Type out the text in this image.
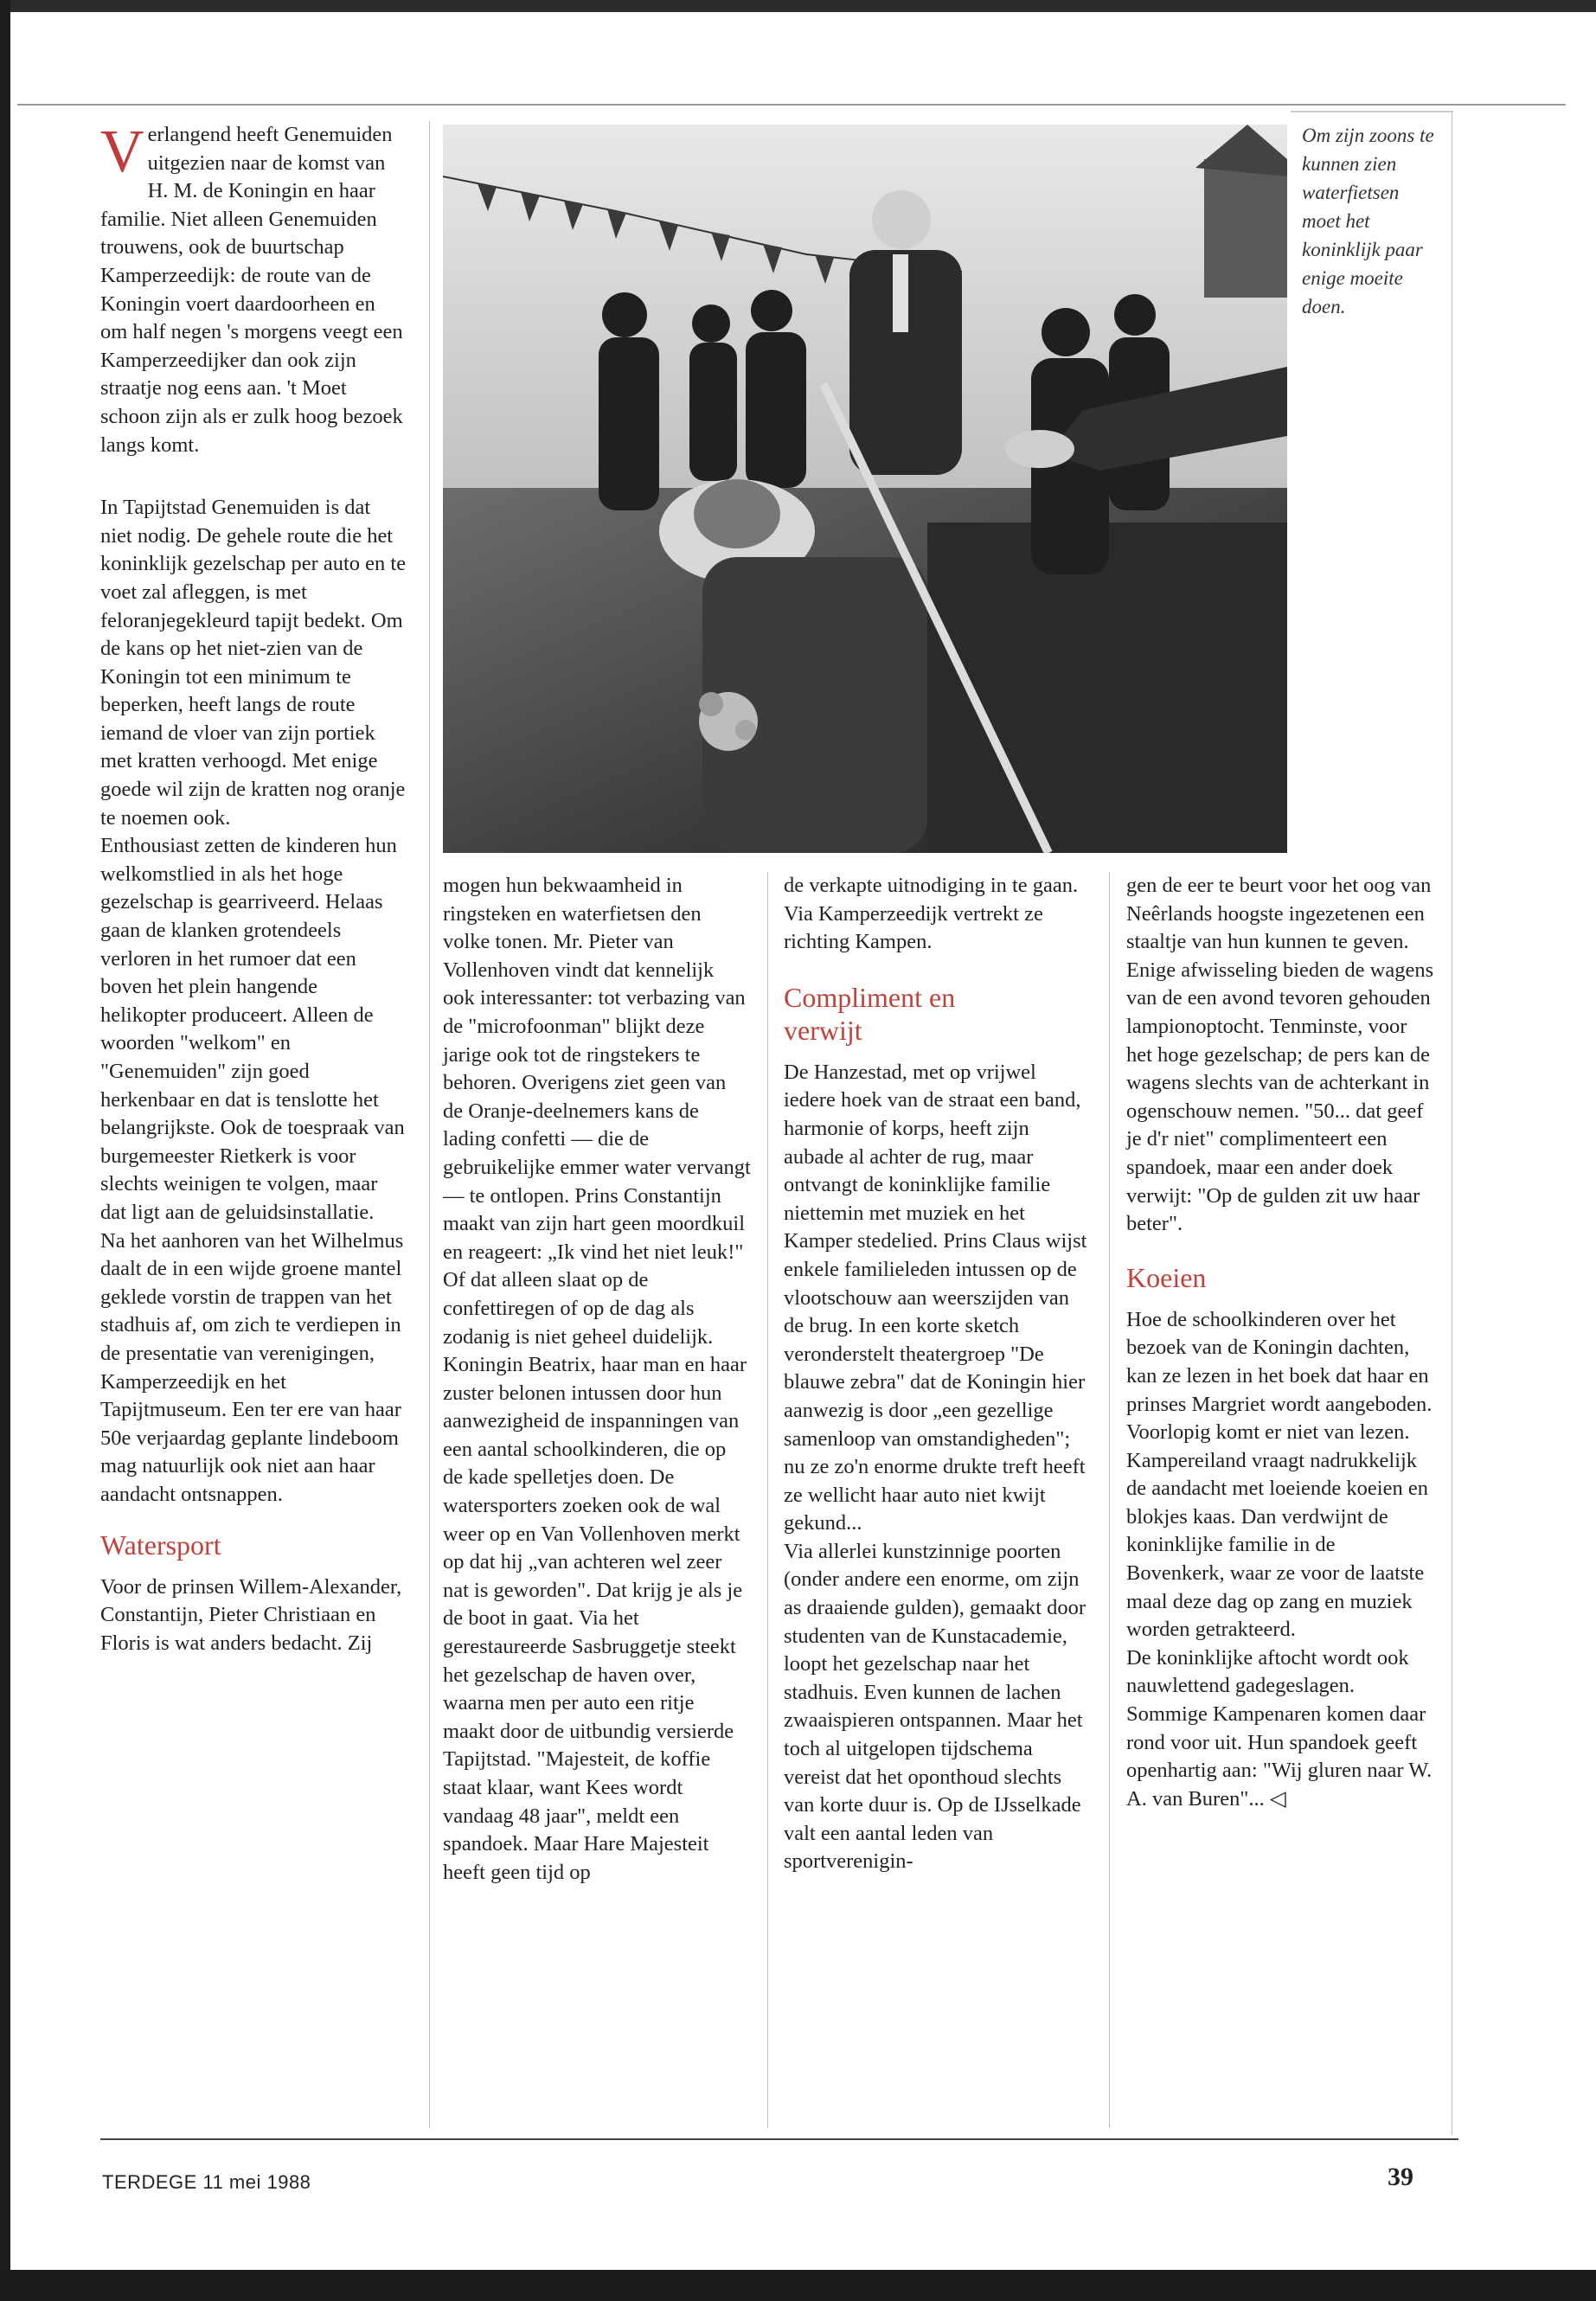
Verlangend heeft Genemuiden uitgezien naar de komst van H. M. de Koningin en haar familie. Niet alleen Genemuiden trouwens, ook de buurtschap Kamperzeedijk: de route van de Koningin voert daardoorheen en om half negen 's morgens veegt een Kamperzeedijker dan ook zijn straatje nog eens aan. 't Moet schoon zijn als er zulk hoog bezoek langs komt.

In Tapijtstad Genemuiden is dat niet nodig. De gehele route die het koninklijk gezelschap per auto en te voet zal afleggen, is met feloranjegekleurd tapijt bedekt. Om de kans op het niet-zien van de Koningin tot een minimum te beperken, heeft langs de route iemand de vloer van zijn portiek met kratten verhoogd. Met enige goede wil zijn de kratten nog oranje te noemen ook.

Enthousiast zetten de kinderen hun welkomstlied in als het hoge gezelschap is gearriveerd. Helaas gaan de klanken grotendeels verloren in het rumoer dat een boven het plein hangende helikopter produceert. Alleen de woorden "welkom" en "Genemuiden" zijn goed herkenbaar en dat is tenslotte het belangrijkste. Ook de toespraak van burgemeester Rietkerk is voor slechts weinigen te volgen, maar dat ligt aan de geluidsinstallatie.

Na het aanhoren van het Wilhelmus daalt de in een wijde groene mantel geklede vorstin de trappen van het stadhuis af, om zich te verdiepen in de presentatie van verenigingen, Kamperzeedijk en het Tapijtmuseum. Een ter ere van haar 50e verjaardag geplante lindeboom mag natuurlijk ook niet aan haar aandacht ontsnappen.

Watersport

Voor de prinsen Willem-Alexander, Constantijn, Pieter Christiaan en Floris is wat anders bedacht. Zij

Om zijn zoons te kunnen zien waterfietsen moet het koninklijk paar enige moeite doen.

mogen hun bekwaamheid in ringsteken en waterfietsen den volke tonen. Mr. Pieter van Vollenhoven vindt dat kennelijk ook interessanter: tot verbazing van de "microfoonman" blijkt deze jarige ook tot de ringstekers te behoren. Overigens ziet geen van de Oranje-deelnemers kans de lading confetti — die de gebruikelijke emmer water vervangt — te ontlopen. Prins Constantijn maakt van zijn hart geen moordkuil en reageert: „Ik vind het niet leuk!" Of dat alleen slaat op de confettiregen of op de dag als zodanig is niet geheel duidelijk.

Koningin Beatrix, haar man en haar zuster belonen intussen door hun aanwezigheid de inspanningen van een aantal schoolkinderen, die op de kade spelletjes doen. De watersporters zoeken ook de wal weer op en Van Vollenhoven merkt op dat hij „van achteren wel zeer nat is geworden". Dat krijg je als je de boot in gaat. Via het gerestaureerde Sasbruggetje steekt het gezelschap de haven over, waarna men per auto een ritje maakt door de uitbundig versierde Tapijtstad. "Majesteit, de koffie staat klaar, want Kees wordt vandaag 48 jaar", meldt een spandoek. Maar Hare Majesteit heeft geen tijd op

de verkapte uitnodiging in te gaan. Via Kamperzeedijk vertrekt ze richting Kampen.

Compliment en verwijt

De Hanzestad, met op vrijwel iedere hoek van de straat een band, harmonie of korps, heeft zijn aubade al achter de rug, maar ontvangt de koninklijke familie niettemin met muziek en het Kamper stedelied. Prins Claus wijst enkele familieleden intussen op de vlootschouw aan weerszijden van de brug. In een korte sketch veronderstelt theatergroep "De blauwe zebra" dat de Koningin hier aanwezig is door „een gezellige samenloop van omstandigheden"; nu ze zo'n enorme drukte treft heeft ze wellicht haar auto niet kwijt gekund...

Via allerlei kunstzinnige poorten (onder andere een enorme, om zijn as draaiende gulden), gemaakt door studenten van de Kunstacademie, loopt het gezelschap naar het stadhuis. Even kunnen de lachen zwaaispieren ontspannen. Maar het toch al uitgelopen tijdschema vereist dat het oponthoud slechts van korte duur is. Op de IJsselkade valt een aantal leden van sportverenigin-

gen de eer te beurt voor het oog van Neêrlands hoogste ingezetenen een staaltje van hun kunnen te geven. Enige afwisseling bieden de wagens van de een avond tevoren gehouden lampionoptocht. Tenminste, voor het hoge gezelschap; de pers kan de wagens slechts van de achterkant in ogenschouw nemen. "50... dat geef je d'r niet" complimenteert een spandoek, maar een ander doek verwijt: "Op de gulden zit uw haar beter".

Koeien

Hoe de schoolkinderen over het bezoek van de Koningin dachten, kan ze lezen in het boek dat haar en prinses Margriet wordt aangeboden. Voorlopig komt er niet van lezen. Kampereiland vraagt nadrukkelijk de aandacht met loeiende koeien en blokjes kaas. Dan verdwijnt de koninklijke familie in de Bovenkerk, waar ze voor de laatste maal deze dag op zang en muziek worden getrakteerd.

De koninklijke aftocht wordt ook nauwlettend gadegeslagen. Sommige Kampenaren komen daar rond voor uit. Hun spandoek geeft openhartig aan: "Wij gluren naar W. A. van Buren"... ◁

TERDEGE 11 mei 1988	39
